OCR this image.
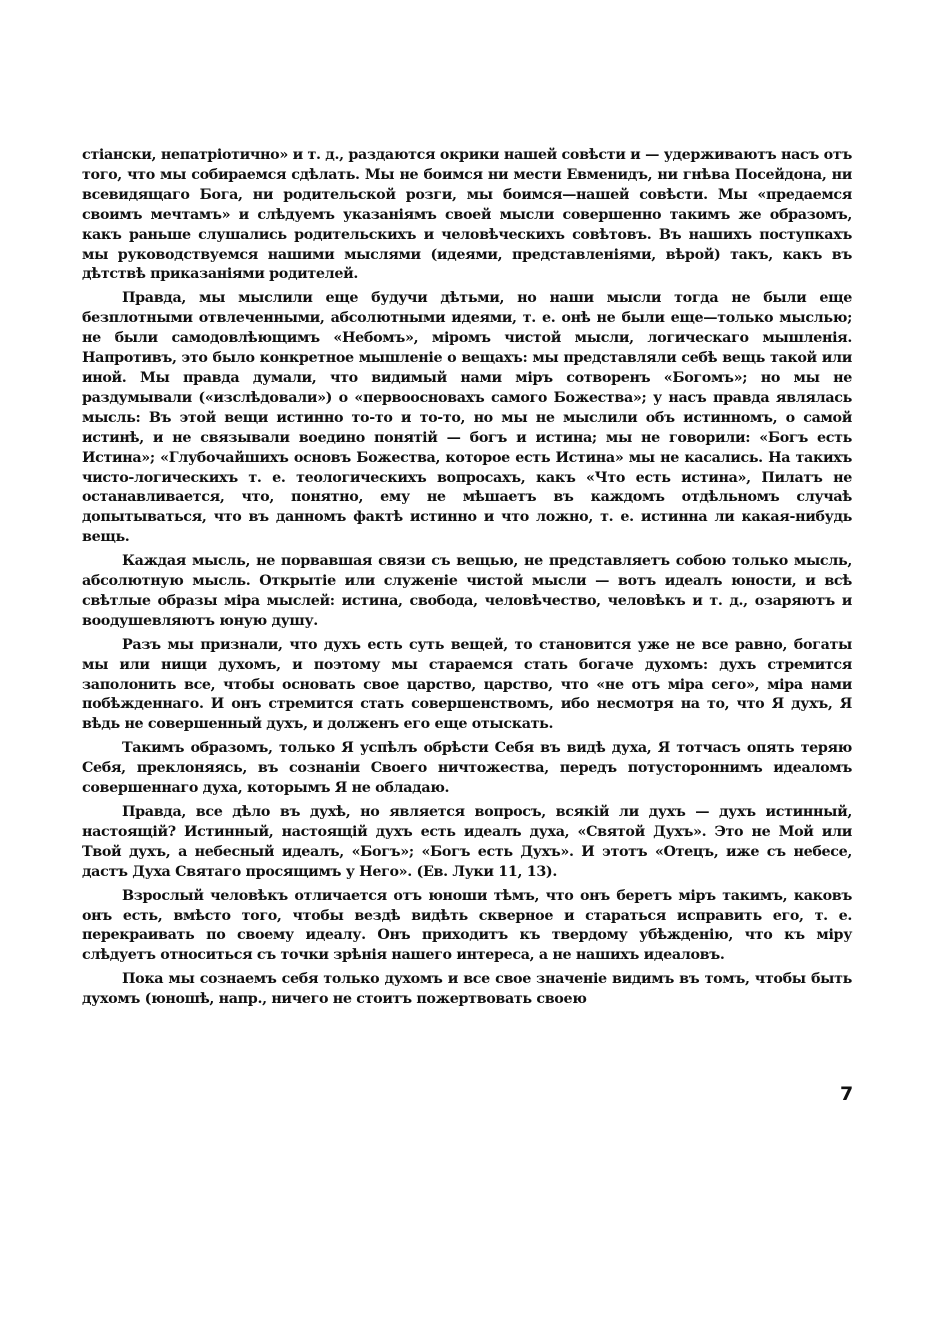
стіански, непатріотично» и т. д., раздаются окрики нашей совѣсти и — удерживаютъ насъ отъ того, что мы собираемся сдѣлать. Мы не боимся ни мести Евменидъ, ни гнѣва Посейдона, ни всевидящаго Бога, ни родительской розги, мы боимся—нашей совѣсти. Мы «предаемся своимъ мечтамъ» и слѣдуемъ указаніямъ своей мысли совершенно такимъ же образомъ, какъ раньше слушались родительскихъ и человѣческихъ совѣтовъ. Въ нашихъ поступкахъ мы руководствуемся нашими мыслями (идеями, представленіями, вѣрой) такъ, какъ въ дѣтствѣ приказаніями родителей.

Правда, мы мыслили еще будучи дѣтьми, но наши мысли тогда не были еще безплотными отвлеченными, абсолютными идеями, т. е. онѣ не были еще—только мыслью; не были самодовлѣющимъ «Небомъ», міромъ чистой мысли, логическаго мышленія. Напротивъ, это было конкретное мышленіе о вещахъ: мы представляли себѣ вещь такой или иной. Мы правда думали, что видимый нами міръ сотворенъ «Богомъ»; но мы не раздумывали («изслѣдовали») о «первоосновахъ самого Божества»; у насъ правда являлась мысль: Въ этой вещи истинно то-то и то-то, но мы не мыслили объ истинномъ, о самой истинѣ, и не связывали воедино понятій — богъ и истина; мы не говорили: «Богъ есть Истина»; «Глубочайшихъ основъ Божества, которое есть Истина» мы не касались. На такихъ чисто-логическихъ т. е. теологическихъ вопросахъ, какъ «Что есть истина», Пилатъ не останавливается, что, понятно, ему не мѣшаетъ въ каждомъ отдѣльномъ случаѣ допытываться, что въ данномъ фактѣ истинно и что ложно, т. е. истинна ли какая-нибудь вещь.

Каждая мысль, не порвавшая связи съ вещью, не представляетъ собою только мысль, абсолютную мысль. Открытіе или служеніе чистой мысли — вотъ идеалъ юности, и всѣ свѣтлые образы міра мыслей: истина, свобода, человѣчество, человѣкъ и т. д., озаряютъ и воодушевляютъ юную душу.

Разъ мы признали, что духъ есть суть вещей, то становится уже не все равно, богаты мы или нищи духомъ, и поэтому мы стараемся стать богаче духомъ: духъ стремится заполонить все, чтобы основать свое царство, царство, что «не отъ міра сего», міра нами побѣжденнаго. И онъ стремится стать совершенствомъ, ибо несмотря на то, что Я духъ, Я вѣдь не совершенный духъ, и долженъ его еще отыскать.

Такимъ образомъ, только Я успѣлъ обрѣсти Себя въ видѣ духа, Я тотчасъ опять теряю Себя, преклоняясь, въ сознаніи Своего ничтожества, передъ потустороннимъ идеаломъ совершеннаго духа, которымъ Я не обладаю.

Правда, все дѣло въ духѣ, но является вопросъ, всякій ли духъ — духъ истинный, настоящій? Истинный, настоящій духъ есть идеалъ духа, «Святой Духъ». Это не Мой или Твой духъ, а небесный идеалъ, «Богъ»; «Богъ есть Духъ». И этотъ «Отецъ, иже съ небесе, дастъ Духа Святаго просящимъ у Него». (Ев. Луки 11, 13).

Взрослый человѣкъ отличается отъ юноши тѣмъ, что онъ беретъ міръ такимъ, каковъ онъ есть, вмѣсто того, чтобы вездѣ видѣть скверное и стараться исправить его, т. е. перекраивать по своему идеалу. Онъ приходитъ къ твердому убѣжденію, что къ міру слѣдуетъ относиться съ точки зрѣнія нашего интереса, а не нашихъ идеаловъ.

Пока мы сознаемъ себя только духомъ и все свое значеніе видимъ въ томъ, чтобы быть духомъ (юношѣ, напр., ничего не стоитъ пожертвовать своею

7
